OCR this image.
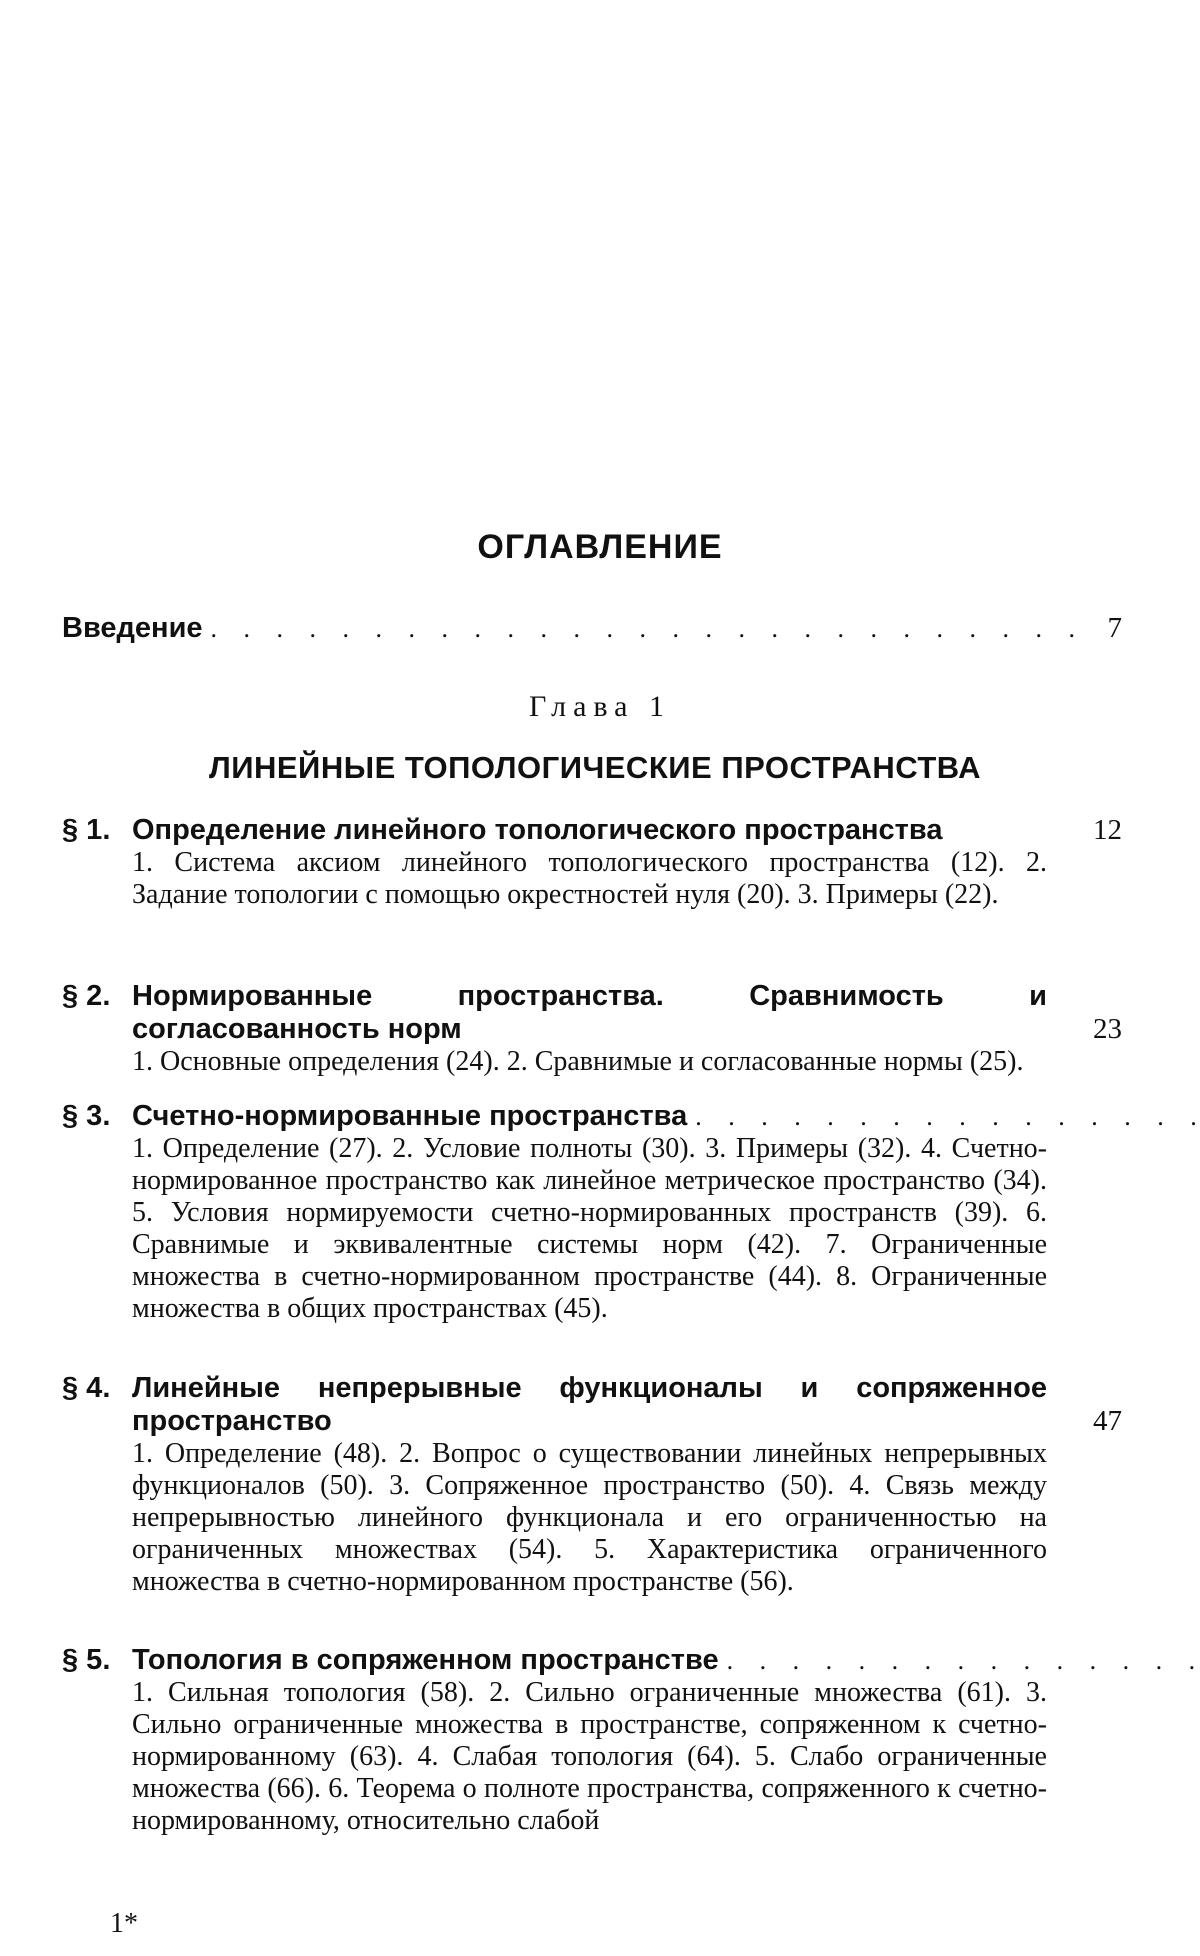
ОГЛАВЛЕНИЕ
Введение . . .	7
Глава 1
ЛИНЕЙНЫЕ ТОПОЛОГИЧЕСКИЕ ПРОСТРАНСТВА
§ 1. Определение линейного топологического пространства	12
1. Система аксиом линейного топологического пространства (12). 2. Задание топологии с помощью окрестностей нуля (20). 3. Примеры (22).
§ 2. Нормированные пространства. Сравнимость и согласованность норм	23
1. Основные определения (24). 2. Сравнимые и согласованные нормы (25).
§ 3. Счетно-нормированные пространства
. . .
1. Определение (27). 2. Условие полноты (30). 3. Примеры (32). 4. Счетно-нормированное пространство как линейное метрическое пространство (34). 5. Условия нормируемости счетно-нормированных пространств (39). 6. Сравнимые и эквивалентные системы норм (42). 7. Ограниченные множества в счетно-нормированном пространстве (44). 8. Ограниченные множества в общих пространствах (45).
§ 4. Линейные непрерывные функционалы и сопряженное пространство	47
1. Определение (48). 2. Вопрос о существовании линейных непрерывных функционалов (50). 3. Сопряженное пространство (50). 4. Связь между непрерывностью линейного функционала и его ограниченностью на ограниченных множествах (54). 5. Характеристика ограниченного множества в счетно-нормированном пространстве (56).
§ 5. Топология в сопряженном пространстве
. . .
1. Сильная топология (58). 2. Сильно ограниченные множества (61). 3. Сильно ограниченные множества в пространстве, сопряженном к счетно-нормированному (63). 4. Слабая топология (64). 5. Слабо ограниченные множества (66). 6. Теорема о полноте пространства, сопряженного к счетно-нормированному, относительно слабой
1*
